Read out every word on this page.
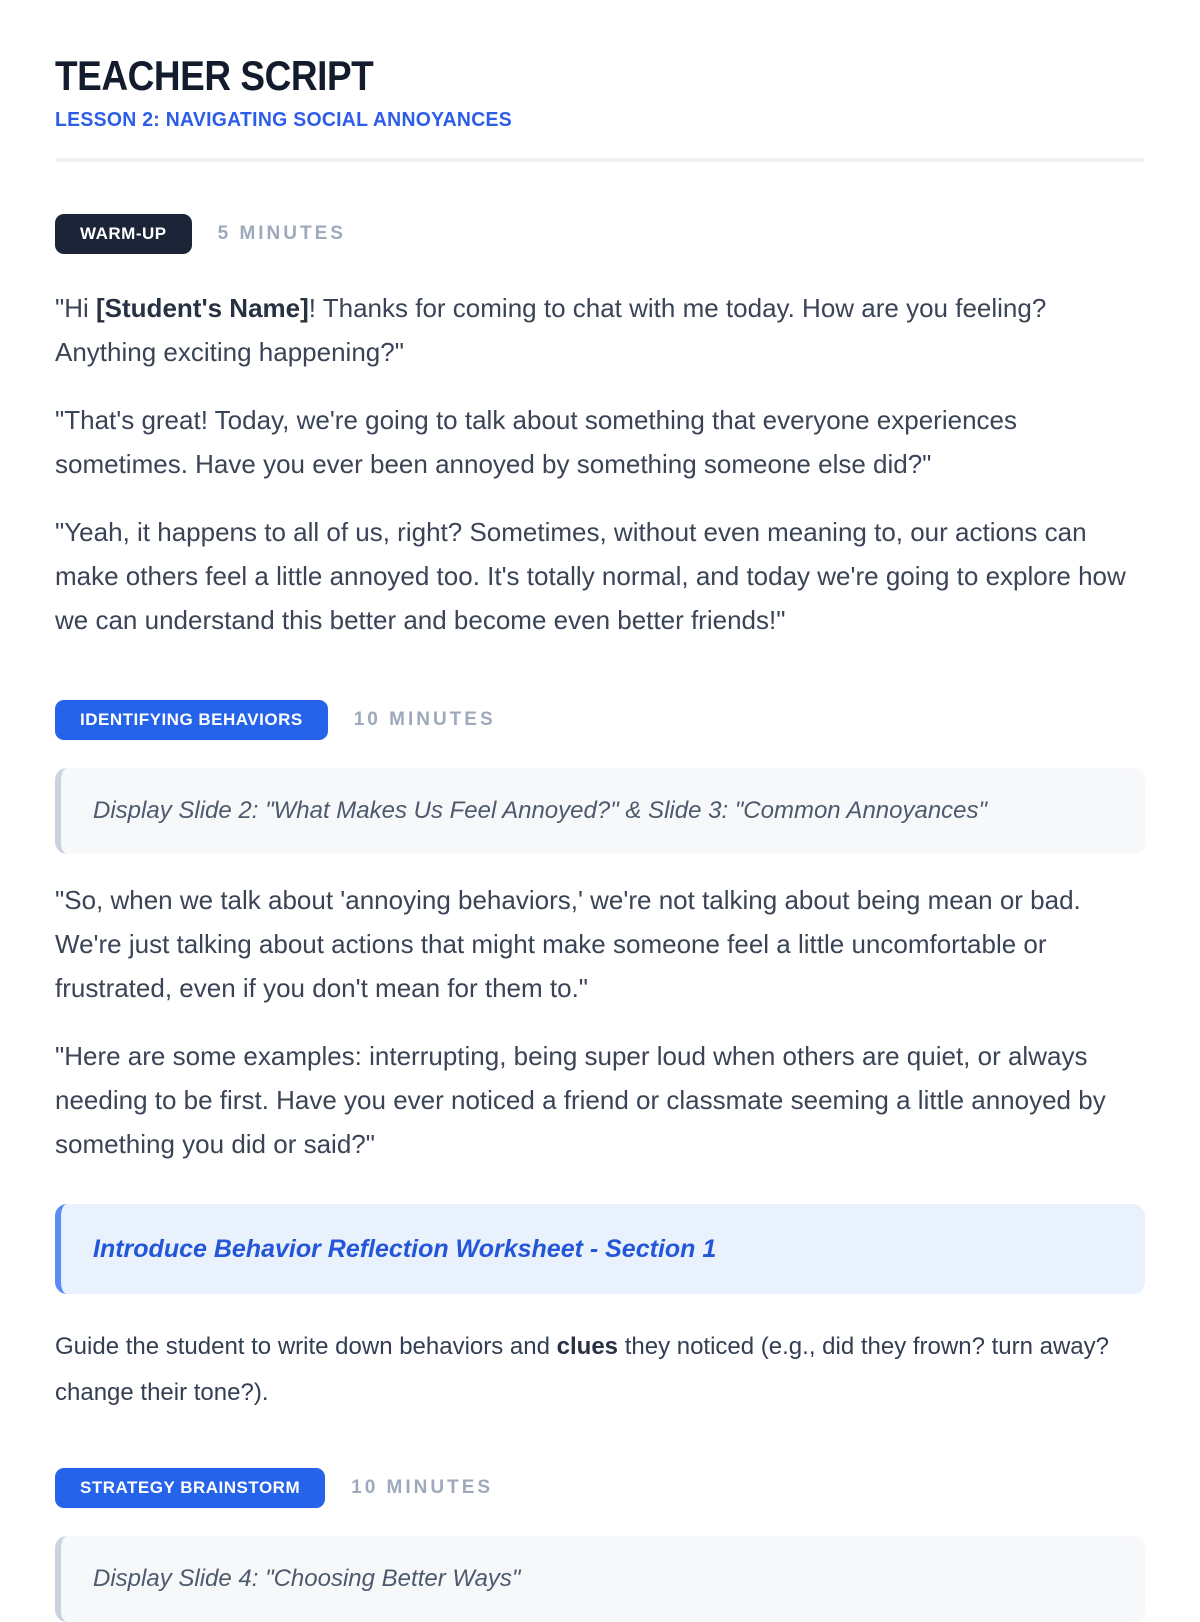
TEACHER SCRIPT
LESSON 2: NAVIGATING SOCIAL ANNOYANCES
WARM-UP	5 MINUTES

"Hi [Student's Name]! Thanks for coming to chat with me today. How are you feeling? Anything exciting happening?"

"That's great! Today, we're going to talk about something that everyone experiences sometimes. Have you ever been annoyed by something someone else did?"

"Yeah, it happens to all of us, right? Sometimes, without even meaning to, our actions can make others feel a little annoyed too. It's totally normal, and today we're going to explore how we can understand this better and become even better friends!"

IDENTIFYING BEHAVIORS	10 MINUTES
Display Slide 2: "What Makes Us Feel Annoyed?" & Slide 3: "Common Annoyances"

"So, when we talk about 'annoying behaviors,' we're not talking about being mean or bad. We're just talking about actions that might make someone feel a little uncomfortable or frustrated, even if you don't mean for them to."

"Here are some examples: interrupting, being super loud when others are quiet, or always needing to be first. Have you ever noticed a friend or classmate seeming a little annoyed by something you did or said?"

Introduce Behavior Reflection Worksheet - Section 1

Guide the student to write down behaviors and clues they noticed (e.g., did they frown? turn away? change their tone?).

STRATEGY BRAINSTORM	10 MINUTES
Display Slide 4: "Choosing Better Ways"
